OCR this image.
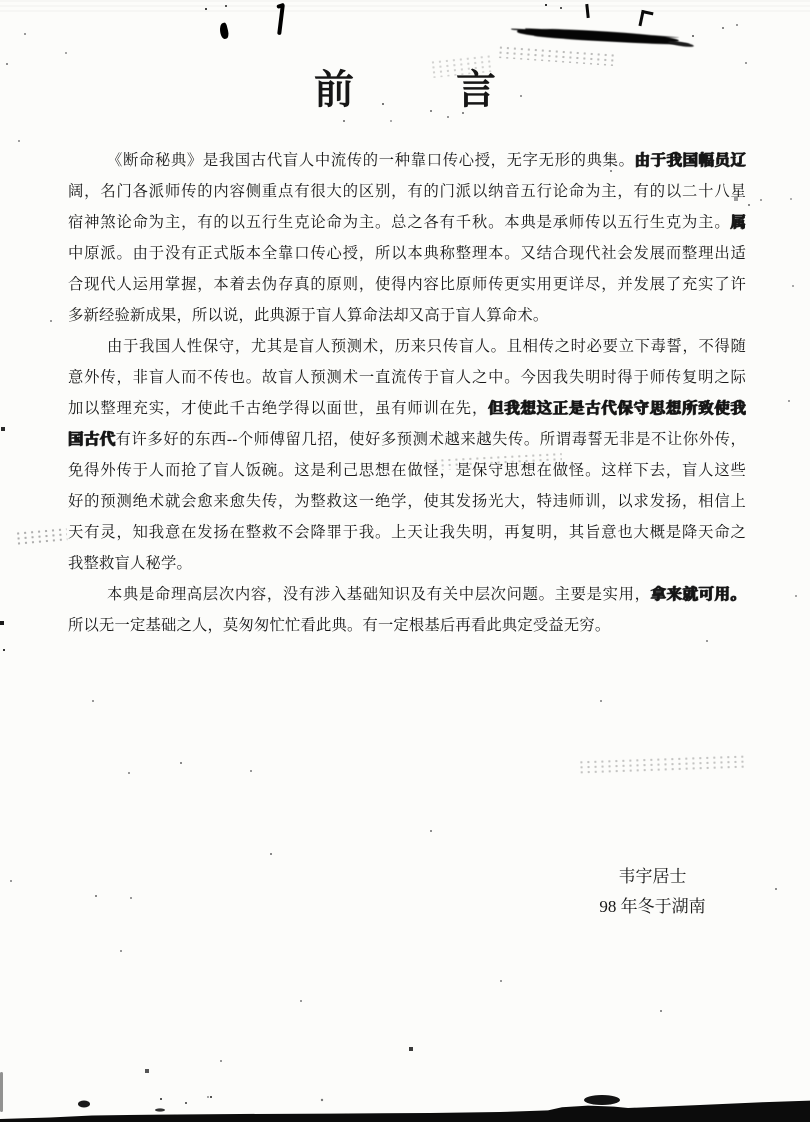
前	言
《断命秘典》是我国古代盲人中流传的一种靠口传心授，无字无形的典集。由于我国幅员辽
阔，名门各派师传的内容侧重点有很大的区别，有的门派以纳音五行论命为主，有的以二十八星
宿神煞论命为主，有的以五行生克论命为主。总之各有千秋。本典是承师传以五行生克为主。属
中原派。由于没有正式版本全靠口传心授，所以本典称整理本。又结合现代社会发展而整理出适
合现代人运用掌握，本着去伪存真的原则，使得内容比原师传更实用更详尽，并发展了充实了许
多新经验新成果，所以说，此典源于盲人算命法却又高于盲人算命术。
由于我国人性保守，尤其是盲人预测术，历来只传盲人。且相传之时必要立下毒誓，不得随
意外传，非盲人而不传也。故盲人预测术一直流传于盲人之中。今因我失明时得于师传复明之际
加以整理充实，才使此千古绝学得以面世，虽有师训在先，但我想这正是古代保守思想所致使我
国古代有许多好的东西--个师傅留几招，使好多预测术越来越失传。所谓毒誓无非是不让你外传，
免得外传于人而抢了盲人饭碗。这是利己思想在做怪，是保守思想在做怪。这样下去，盲人这些
好的预测绝术就会愈来愈失传，为整救这一绝学，使其发扬光大，特违师训，以求发扬，相信上
天有灵，知我意在发扬在整救不会降罪于我。上天让我失明，再复明，其旨意也大概是降天命之
我整救盲人秘学。
本典是命理高层次内容，没有涉入基础知识及有关中层次问题。主要是实用，拿来就可用。
所以无一定基础之人，莫匆匆忙忙看此典。有一定根基后再看此典定受益无穷。
韦宇居士
98 年冬于湖南
